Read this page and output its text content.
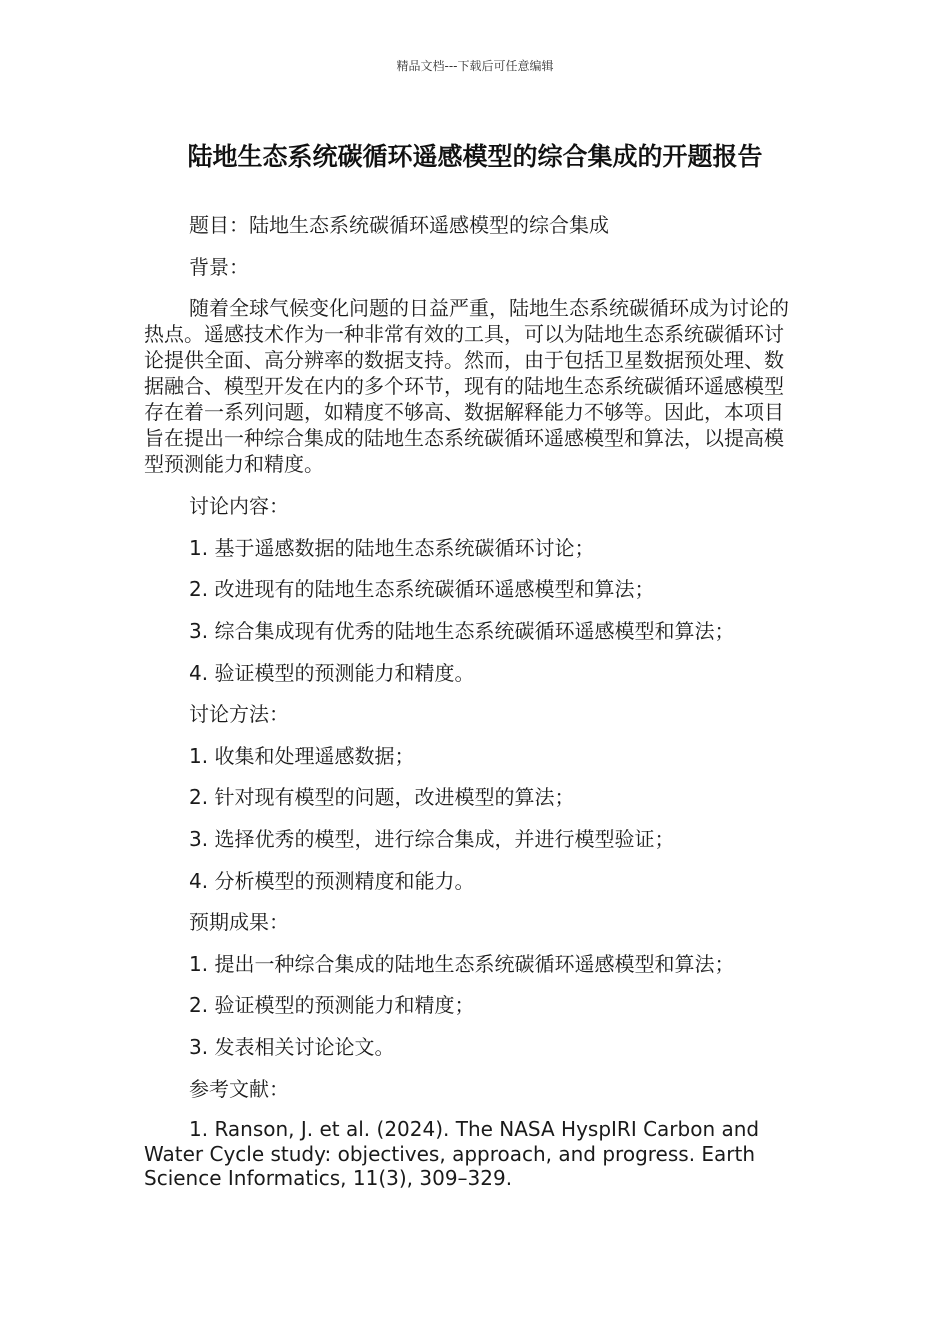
精品文档---下载后可任意编辑
陆地生态系统碳循环遥感模型的综合集成的开题报告

题目：陆地生态系统碳循环遥感模型的综合集成

背景：

随着全球气候变化问题的日益严重，陆地生态系统碳循环成为讨论的热点。遥感技术作为一种非常有效的工具，可以为陆地生态系统碳循环讨论提供全面、高分辨率的数据支持。然而，由于包括卫星数据预处理、数据融合、模型开发在内的多个环节，现有的陆地生态系统碳循环遥感模型存在着一系列问题，如精度不够高、数据解释能力不够等。因此，本项目旨在提出一种综合集成的陆地生态系统碳循环遥感模型和算法，以提高模型预测能力和精度。

讨论内容：

1. 基于遥感数据的陆地生态系统碳循环讨论；

2. 改进现有的陆地生态系统碳循环遥感模型和算法；

3. 综合集成现有优秀的陆地生态系统碳循环遥感模型和算法；

4. 验证模型的预测能力和精度。

讨论方法：

1. 收集和处理遥感数据；

2. 针对现有模型的问题，改进模型的算法；

3. 选择优秀的模型，进行综合集成，并进行模型验证；

4. 分析模型的预测精度和能力。

预期成果：

1. 提出一种综合集成的陆地生态系统碳循环遥感模型和算法；

2. 验证模型的预测能力和精度；

3. 发表相关讨论论文。

参考文献：

1. Ranson, J. et al. (2024). The NASA HyspIRI Carbon and Water Cycle study: objectives, approach, and progress. Earth Science Informatics, 11(3), 309–329.
